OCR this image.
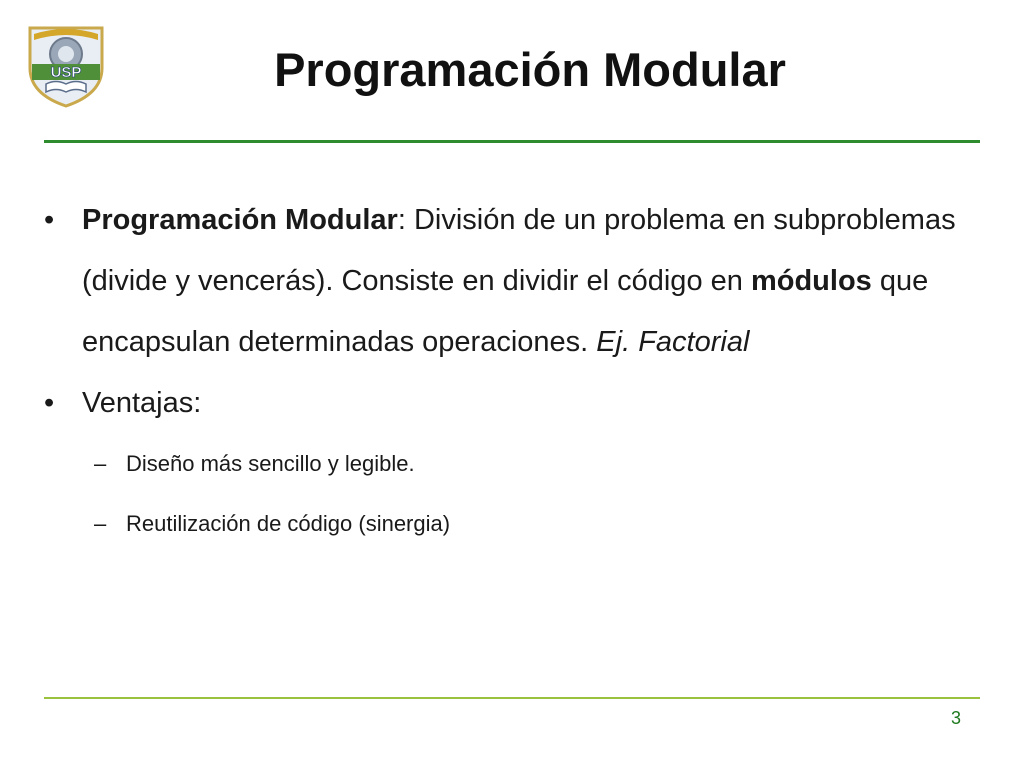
USP	Programación Modular
• Programación Modular: División de un problema en subproblemas (divide y vencerás). Consiste en dividir el código en módulos que encapsulan determinadas operaciones. Ej. Factorial
• Ventajas:
– Diseño más sencillo y legible.
– Reutilización de código (sinergia)
3
